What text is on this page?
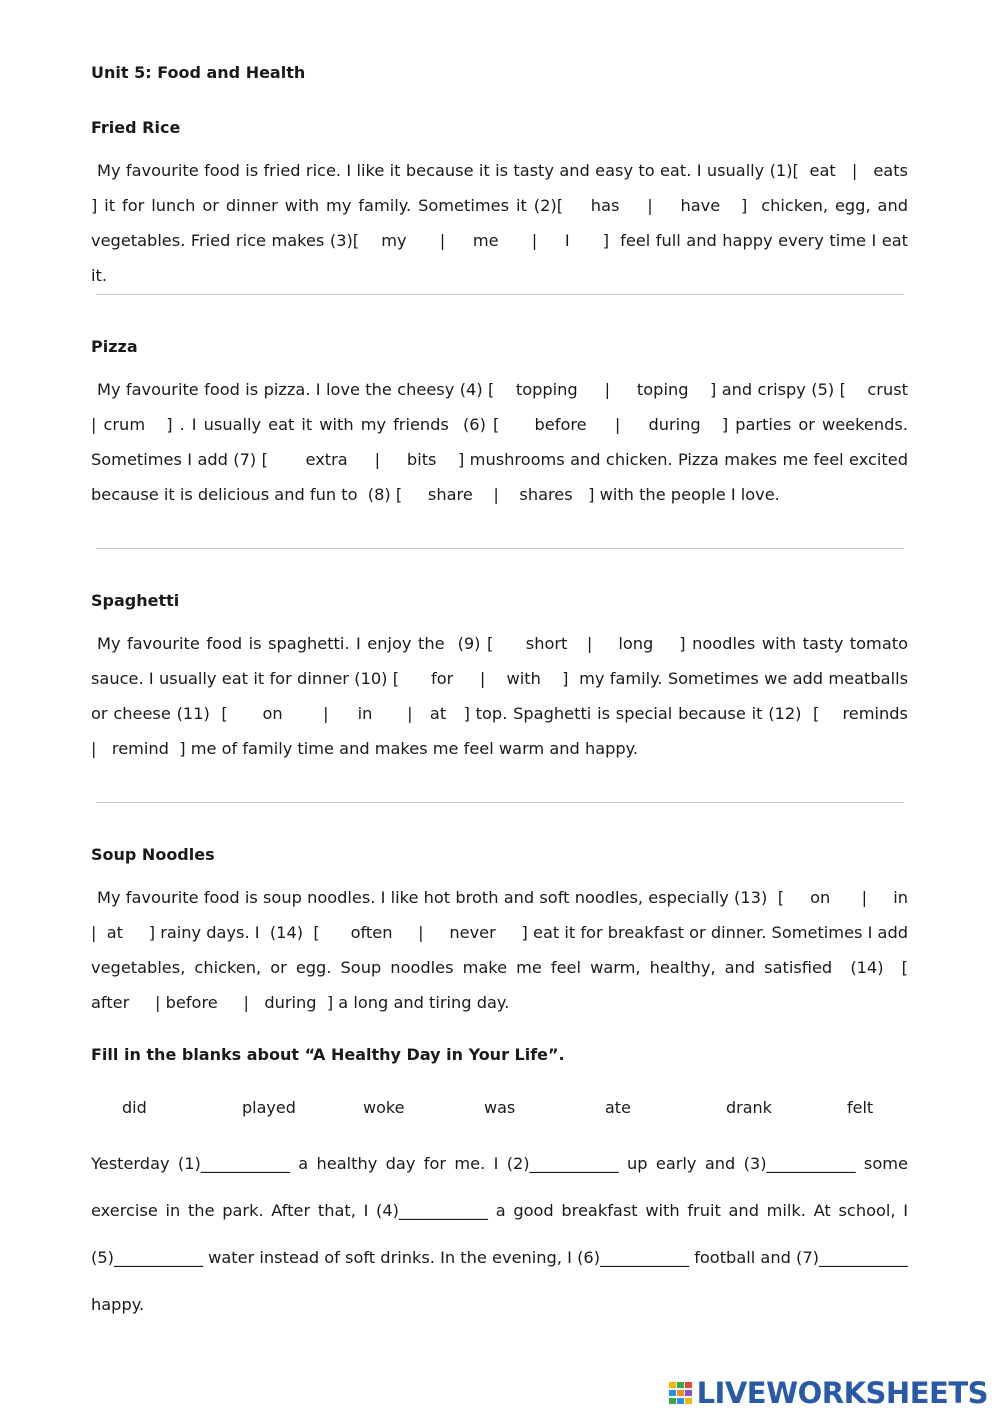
Unit 5: Food and Health
Fried Rice

My favourite food is fried rice. I like it because it is tasty and easy to eat. I usually (1)[  eat   |   eats   ] it for lunch or dinner with my family. Sometimes it (2)[    has    |    have   ]  chicken, egg, and vegetables. Fried rice makes (3)[    my      |     me      |     I      ]  feel full and happy every time I eat it.

Pizza

My favourite food is pizza. I love the cheesy (4) [    topping     |     toping    ] and crispy (5) [    crust    | crum   ] . I usually eat it with my friends  (6) [     before    |    during   ] parties or weekends. Sometimes I add (7) [       extra     |     bits    ] mushrooms and chicken. Pizza makes me feel excited because it is delicious and fun to  (8) [     share    |    shares   ] with the people I love.

Spaghetti

My favourite food is spaghetti. I enjoy the  (9) [     short   |    long    ] noodles with tasty tomato sauce. I usually eat it for dinner (10) [      for     |    with    ]  my family. Sometimes we add meatballs or cheese (11)  [      on       |     in      |   at   ] top. Spaghetti is special because it (12)  [    reminds      |   remind  ] me of family time and makes me feel warm and happy.

Soup Noodles

My favourite food is soup noodles. I like hot broth and soft noodles, especially (13)  [     on      |     in      |  at     ] rainy days. I  (14)  [      often     |     never     ] eat it for breakfast or dinner. Sometimes I add vegetables, chicken, or egg. Soup noodles make me feel warm, healthy, and satisfied  (14)  [     after     | before     |   during  ] a long and tiring day.

Fill in the blanks about “A Healthy Day in Your Life”.
did	played	woke	was	ate	drank	felt

Yesterday (1)___________ a healthy day for me. I (2)___________ up early and (3)___________ some exercise in the park. After that, I (4)___________ a good breakfast with fruit and milk. At school, I (5)___________ water instead of soft drinks. In the evening, I (6)___________ football and (7)___________ happy.

LIVEWORKSHEETS
